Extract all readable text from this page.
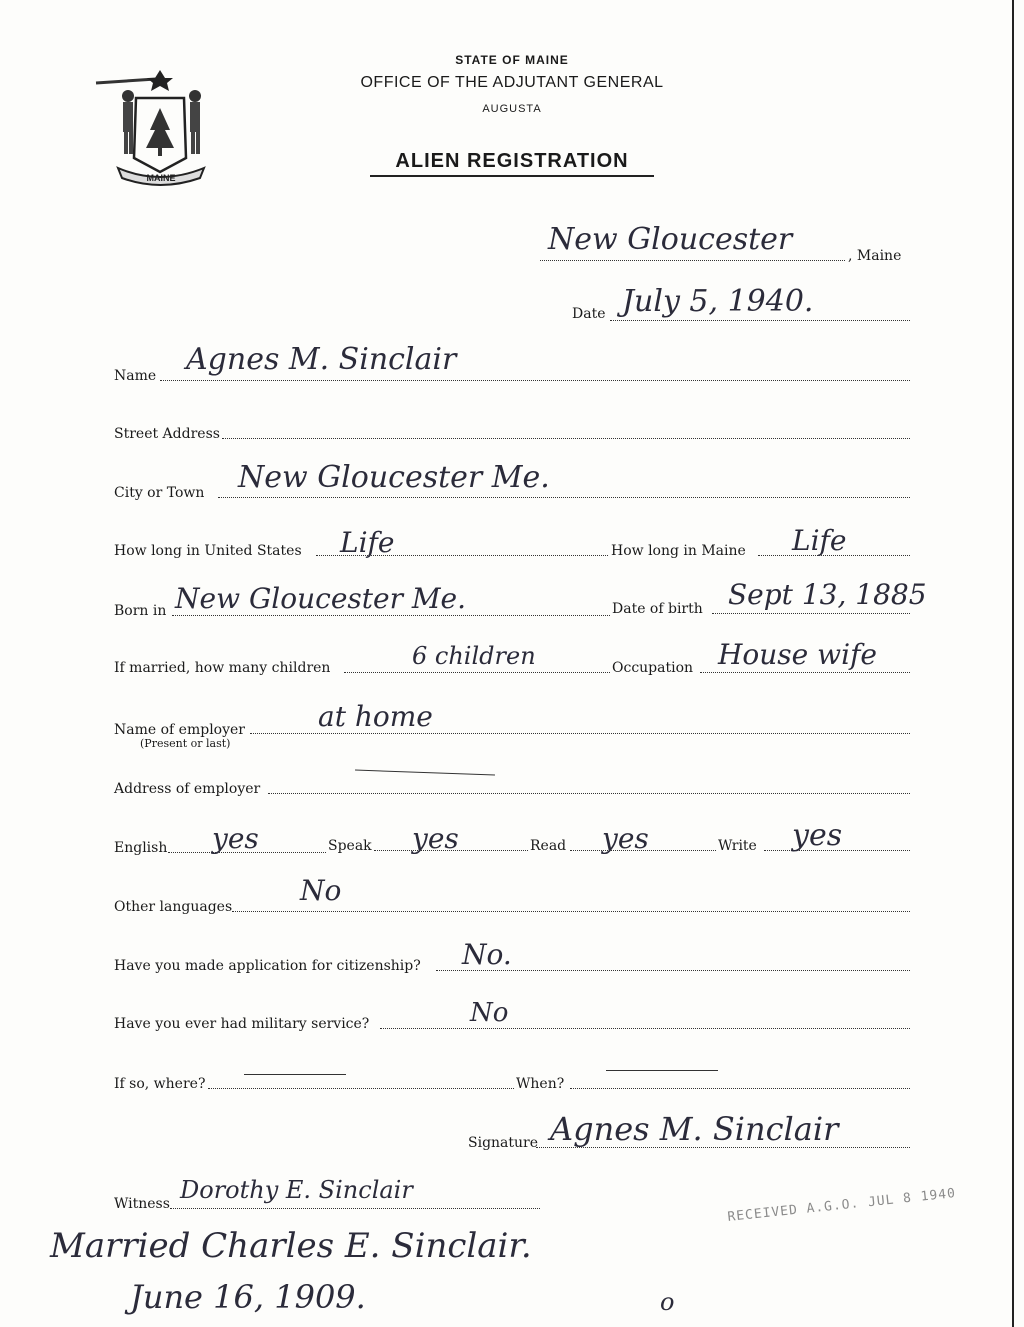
MAINE
STATE OF MAINE
OFFICE OF THE ADJUTANT GENERAL
AUGUSTA
ALIEN REGISTRATION
New Gloucester	, Maine
Date July 5, 1940.
Name Agnes M. Sinclair
Street Address
City or Town New Gloucester Me.
How long in United States Life	How long in Maine Life
Born in New Gloucester Me.	Date of birth Sept 13, 1885
If married, how many children	6 children	Occupation House wife
Name of employer
(Present or last)
at home
Address of employer
English yes	Speak yes	Read yes	Write yes
Other languages No
Have you made application for citizenship? No.
Have you ever had military service?	No
If so, where?	When?
Signature Agnes M. Sinclair
Witness Dorothy E. Sinclair	RECEIVED A.G.O. JUL 8 1940
Married Charles E. Sinclair.
June 16, 1909.	o
